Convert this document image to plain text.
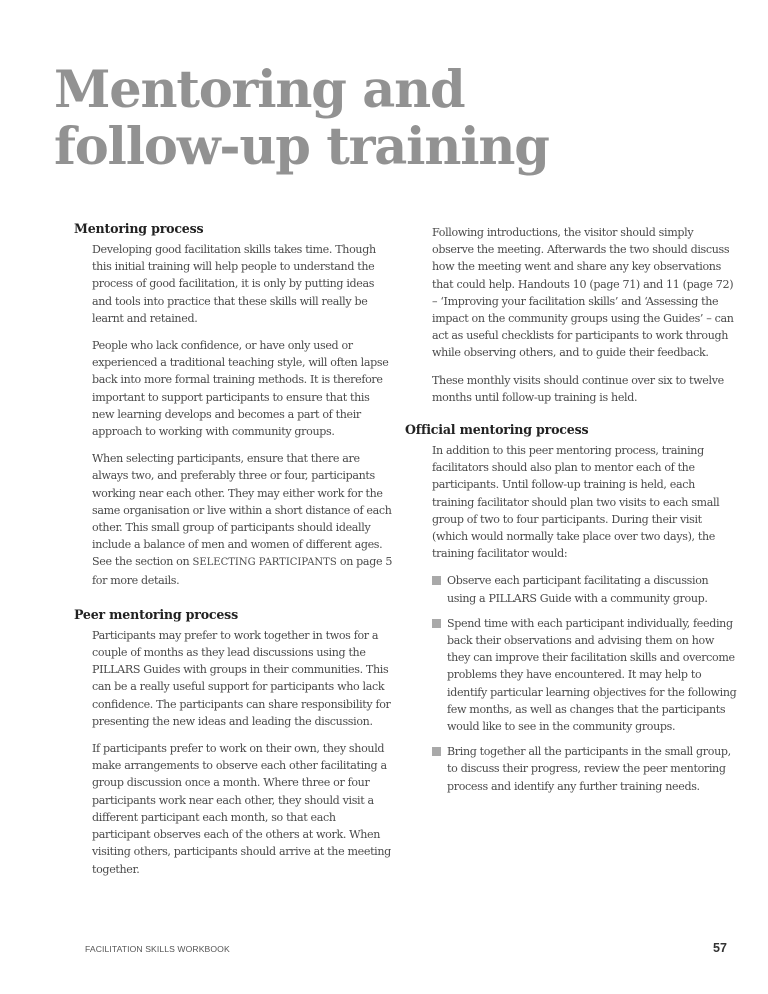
Mentoring and
follow-up training
Mentoring process

Developing good facilitation skills takes time. Though this initial training will help people to understand the process of good facilitation, it is only by putting ideas and tools into practice that these skills will really be learnt and retained.

People who lack confidence, or have only used or experienced a traditional teaching style, will often lapse back into more formal training methods. It is therefore important to support participants to ensure that this new learning develops and becomes a part of their approach to working with community groups.

When selecting participants, ensure that there are always two, and preferably three or four, participants working near each other. They may either work for the same organisation or live within a short distance of each other. This small group of participants should ideally include a balance of men and women of different ages. See the section on SELECTING PARTICIPANTS on page 5 for more details.

Peer mentoring process

Participants may prefer to work together in twos for a couple of months as they lead discussions using the PILLARS Guides with groups in their communities. This can be a really useful support for participants who lack confidence. The participants can share responsibility for presenting the new ideas and leading the discussion.

If participants prefer to work on their own, they should make arrangements to observe each other facilitating a group discussion once a month. Where three or four participants work near each other, they should visit a different participant each month, so that each participant observes each of the others at work. When visiting others, participants should arrive at the meeting together.

Following introductions, the visitor should simply observe the meeting. Afterwards the two should discuss how the meeting went and share any key observations that could help. Handouts 10 (page 71) and 11 (page 72) – ‘Improving your facilitation skills’ and ‘Assessing the impact on the community groups using the Guides’ – can act as useful checklists for participants to work through while observing others, and to guide their feedback.

These monthly visits should continue over six to twelve months until follow-up training is held.

Official mentoring process

In addition to this peer mentoring process, training facilitators should also plan to mentor each of the participants. Until follow-up training is held, each training facilitator should plan two visits to each small group of two to four participants. During their visit (which would normally take place over two days), the training facilitator would:

Observe each participant facilitating a discussion using a PILLARS Guide with a community group.
Spend time with each participant individually, feeding back their observations and advising them on how they can improve their facilitation skills and overcome problems they have encountered. It may help to identify particular learning objectives for the following few months, as well as changes that the participants would like to see in the community groups.
Bring together all the participants in the small group, to discuss their progress, review the peer mentoring process and identify any further training needs.
FACILITATION SKILLS WORKBOOK	57
